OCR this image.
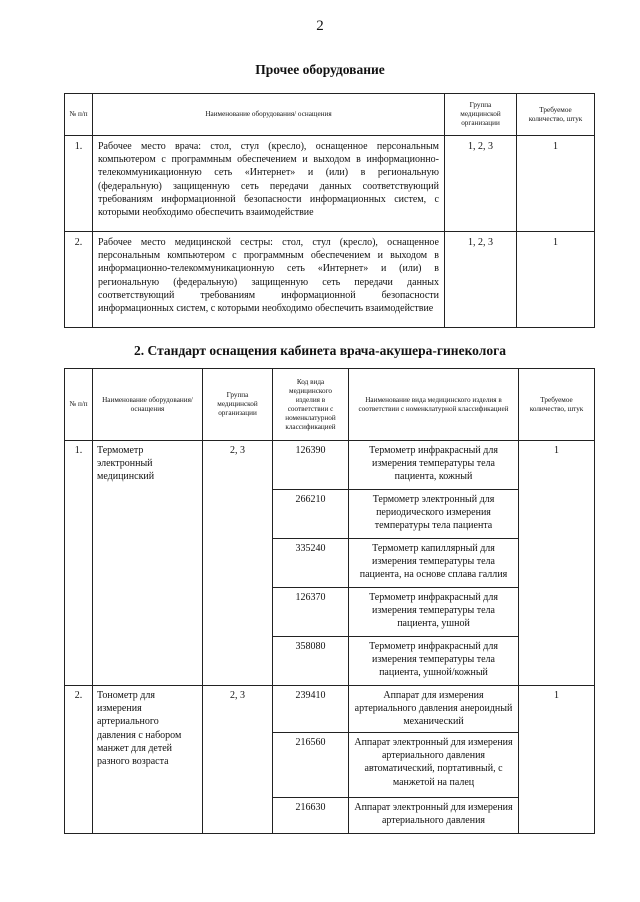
2
Прочее оборудование
№ п/п	Наименование оборудования/ оснащения	Группа медицинской организации	Требуемое количество, штук
1.	Рабочее место врача: стол, стул (кресло), оснащенное персональным компьютером с программным обеспечением и выходом в информационно-телекоммуникационную сеть «Интернет» и (или) в региональную (федеральную) защищенную сеть передачи данных соответствующий требованиям информационной безопасности информационных систем, с которыми необходимо обеспечить взаимодействие	1, 2, 3	1
2.	Рабочее место медицинской сестры: стол, стул (кресло), оснащенное персональным компьютером с программным обеспечением и выходом в информационно-телекоммуникационную сеть «Интернет» и (или) в региональную (федеральную) защищенную сеть передачи данных соответствующий требованиям информационной безопасности информационных систем, с которыми необходимо обеспечить взаимодействие	1, 2, 3	1
2. Стандарт оснащения кабинета врача-акушера-гинеколога
№ п/п	Наименование оборудования/ оснащения	Группа медицинской организации	Код вида медицинского изделия в соответствии с номенклатурной классификацией	Наименование вида медицинского изделия в соответствии с номенклатурной классификацией	Требуемое количество, штук
1.	Термометр электронный медицинский	2, 3	126390	Термометр инфракрасный для измерения температуры тела пациента, кожный	1
			266210	Термометр электронный для периодического измерения температуры тела пациента	
			335240	Термометр капиллярный для измерения температуры тела пациента, на основе сплава галлия	
			126370	Термометр инфракрасный для измерения температуры тела пациента, ушной	
			358080	Термометр инфракрасный для измерения температуры тела пациента, ушной/кожный	
2.	Тонометр для измерения артериального давления с набором манжет для детей разного возраста	2, 3	239410	Аппарат для измерения артериального давления анероидный механический	1
			216560	Аппарат электронный для измерения артериального давления автоматический, портативный, с манжетой на палец	
			216630	Аппарат электронный для измерения артериального давления	
